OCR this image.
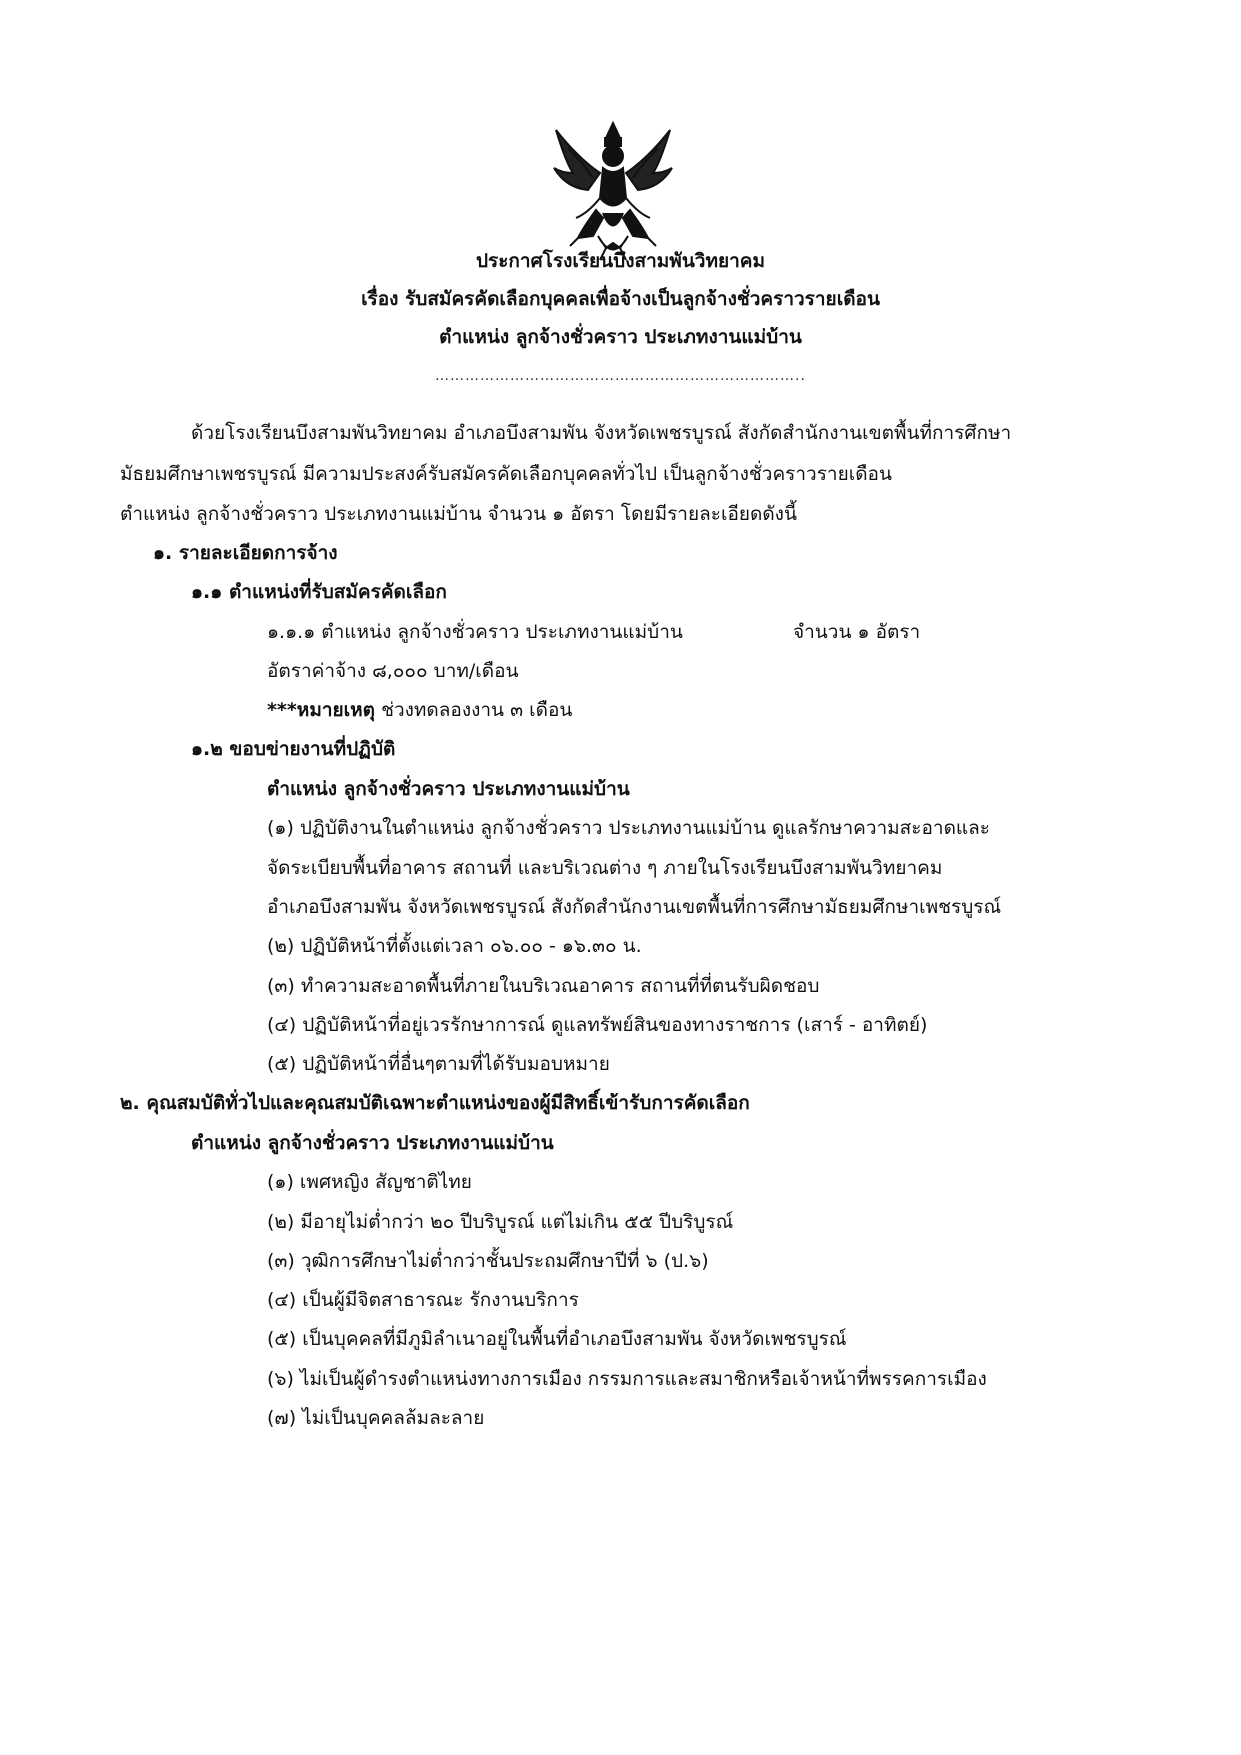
ประกาศโรงเรียนบึงสามพันวิทยาคม
เรื่อง รับสมัครคัดเลือกบุคคลเพื่อจ้างเป็นลูกจ้างชั่วคราวรายเดือน
ตำแหน่ง ลูกจ้างชั่วคราว ประเภทงานแม่บ้าน
………………………………………………………………..
ด้วยโรงเรียนบึงสามพันวิทยาคม อำเภอบึงสามพัน จังหวัดเพชรบูรณ์ สังกัดสำนักงานเขตพื้นที่การศึกษา
มัธยมศึกษาเพชรบูรณ์ มีความประสงค์รับสมัครคัดเลือกบุคคลทั่วไป เป็นลูกจ้างชั่วคราวรายเดือน
ตำแหน่ง ลูกจ้างชั่วคราว ประเภทงานแม่บ้าน จำนวน ๑ อัตรา โดยมีรายละเอียดดังนี้
๑. รายละเอียดการจ้าง
๑.๑ ตำแหน่งที่รับสมัครคัดเลือก
๑.๑.๑ ตำแหน่ง ลูกจ้างชั่วคราว ประเภทงานแม่บ้าน	จำนวน ๑ อัตรา
อัตราค่าจ้าง ๘,๐๐๐ บาท/เดือน
***หมายเหตุ ช่วงทดลองงาน ๓ เดือน
๑.๒ ขอบข่ายงานที่ปฏิบัติ
ตำแหน่ง ลูกจ้างชั่วคราว ประเภทงานแม่บ้าน
(๑) ปฏิบัติงานในตำแหน่ง ลูกจ้างชั่วคราว ประเภทงานแม่บ้าน ดูแลรักษาความสะอาดและ
จัดระเบียบพื้นที่อาคาร สถานที่ และบริเวณต่าง ๆ ภายในโรงเรียนบึงสามพันวิทยาคม
อำเภอบึงสามพัน จังหวัดเพชรบูรณ์ สังกัดสำนักงานเขตพื้นที่การศึกษามัธยมศึกษาเพชรบูรณ์
(๒) ปฏิบัติหน้าที่ตั้งแต่เวลา ๐๖.๐๐ - ๑๖.๓๐ น.
(๓) ทำความสะอาดพื้นที่ภายในบริเวณอาคาร สถานที่ที่ตนรับผิดชอบ
(๔) ปฏิบัติหน้าที่อยู่เวรรักษาการณ์ ดูแลทรัพย์สินของทางราชการ (เสาร์ - อาทิตย์)
(๕) ปฏิบัติหน้าที่อื่นๆตามที่ได้รับมอบหมาย
๒. คุณสมบัติทั่วไปและคุณสมบัติเฉพาะตำแหน่งของผู้มีสิทธิ์เข้ารับการคัดเลือก
ตำแหน่ง ลูกจ้างชั่วคราว ประเภทงานแม่บ้าน
(๑) เพศหญิง สัญชาติไทย
(๒) มีอายุไม่ต่ำกว่า ๒๐ ปีบริบูรณ์ แต่ไม่เกิน ๕๕ ปีบริบูรณ์
(๓) วุฒิการศึกษาไม่ต่ำกว่าชั้นประถมศึกษาปีที่ ๖ (ป.๖)
(๔) เป็นผู้มีจิตสาธารณะ รักงานบริการ
(๕) เป็นบุคคลที่มีภูมิลำเนาอยู่ในพื้นที่อำเภอบึงสามพัน จังหวัดเพชรบูรณ์
(๖) ไม่เป็นผู้ดำรงตำแหน่งทางการเมือง กรรมการและสมาชิกหรือเจ้าหน้าที่พรรคการเมือง
(๗) ไม่เป็นบุคคลล้มละลาย
